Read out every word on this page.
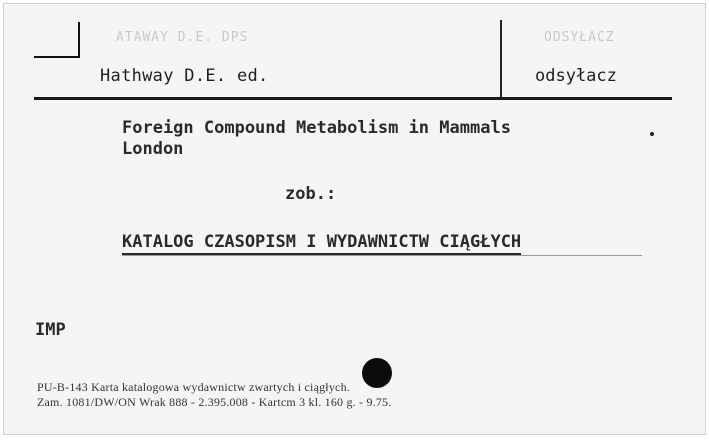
ATAWAY D.E. DPS	ODSYŁACZ
Hathway D.E. ed.	odsyłacz
Foreign Compound Metabolism in Mammals
London
zob.:
KATALOG CZASOPISM I WYDAWNICTW CIĄGŁYCH
IMP
PU-B-143 Karta katalogowa wydawnictw zwartych i ciągłych.
Zam. 1081/DW/ON Wrak 888 - 2.395.008 - Kartcm 3 kl. 160 g. - 9.75.
